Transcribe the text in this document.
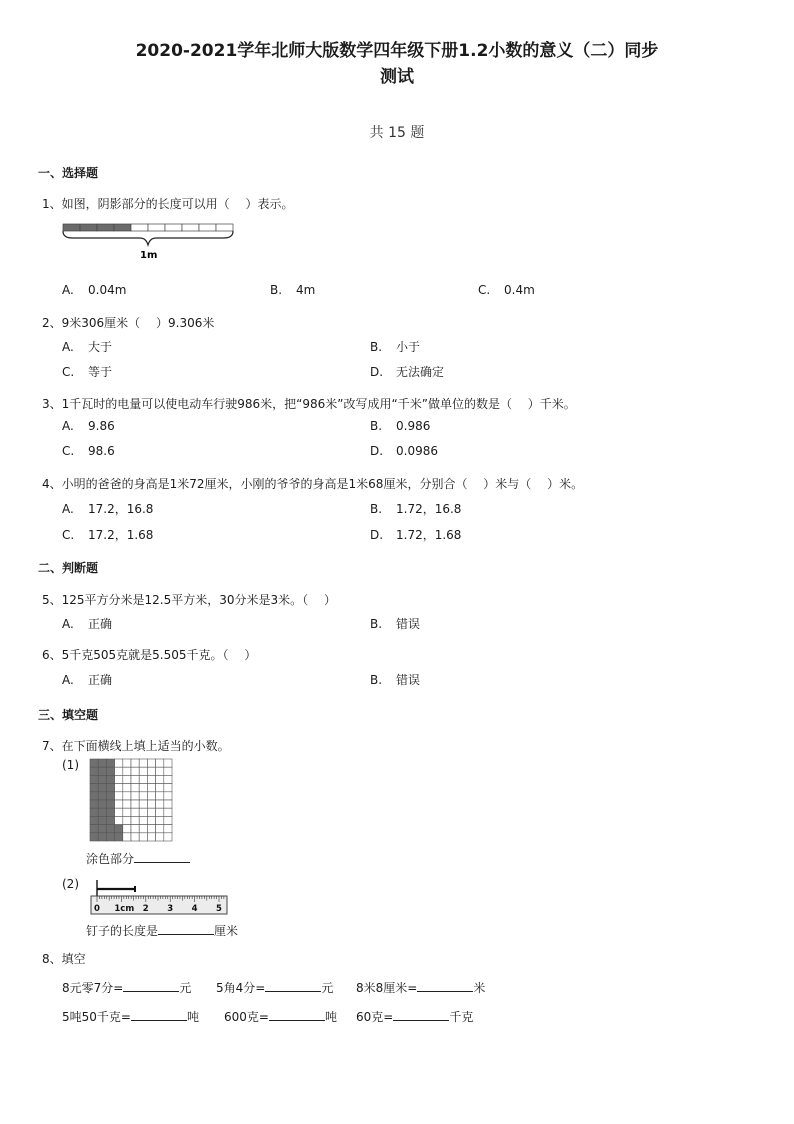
2020-2021学年北师大版数学四年级下册1.2小数的意义（二）同步
测试
共 15 题
一、选择题
1、如图，阴影部分的长度可以用（　 ）表示。
1m
A. 0.04m	B. 4m	C. 0.4m
2、9米306厘米（　 ）9.306米
A. 大于	B. 小于
C. 等于	D. 无法确定
3、1千瓦时的电量可以使电动车行驶986米，把“986米”改写成用“千米”做单位的数是（　 ）千米。
A. 9.86	B. 0.986
C. 98.6	D. 0.0986
4、小明的爸爸的身高是1米72厘米，小刚的爷爷的身高是1米68厘米，分别合（　 ）米与（　 ）米。
A. 17.2，16.8	B. 1.72，16.8
C. 17.2，1.68	D. 1.72，1.68
二、判断题
5、125平方分米是12.5平方米，30分米是3米。（　 ）
A. 正确	B. 错误
6、5千克505克就是5.505千克。（　 ）
A. 正确	B. 错误
三、填空题
7、在下面横线上填上适当的小数。
(1)
涂色部分
(2)
0 1cm 2 3 4 5
钉子的长度是	厘米
8、填空
8元零7分=	元 5角4分=	元 8米8厘米=	米
5吨50千克=	吨 600克=	吨 60克=	千克
